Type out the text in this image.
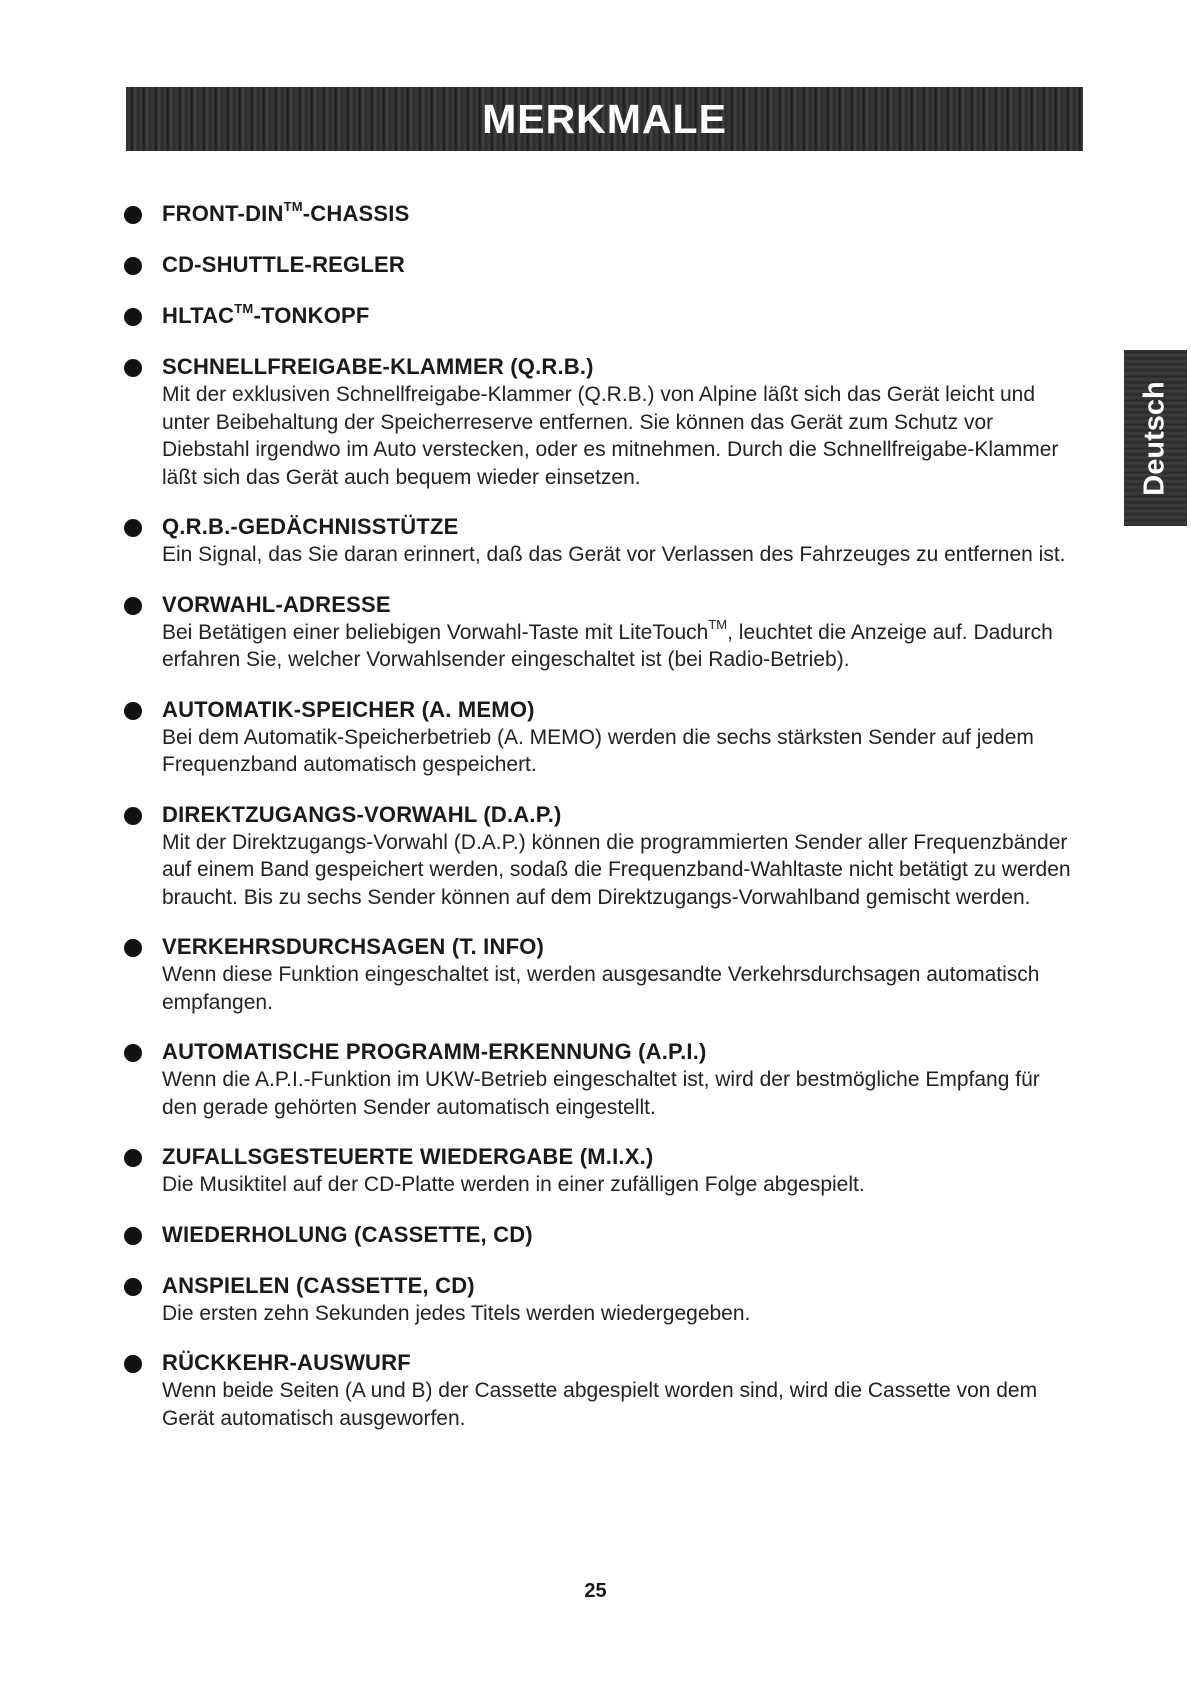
MERKMALE
Deutsch
FRONT-DIN™-CHASSIS
CD-SHUTTLE-REGLER
HLTAC™-TONKOPF
SCHNELLFREIGABE-KLAMMER (Q.R.B.)
Mit der exklusiven Schnellfreigabe-Klammer (Q.R.B.) von Alpine läßt sich das Gerät leicht und unter Beibehaltung der Speicherreserve entfernen. Sie können das Gerät zum Schutz vor Diebstahl irgendwo im Auto verstecken, oder es mitnehmen. Durch die Schnellfreigabe-Klammer läßt sich das Gerät auch bequem wieder einsetzen.
Q.R.B.-GEDÄCHNISSTÜTZE
Ein Signal, das Sie daran erinnert, daß das Gerät vor Verlassen des Fahrzeuges zu entfernen ist.
VORWAHL-ADRESSE
Bei Betätigen einer beliebigen Vorwahl-Taste mit LiteTouch™, leuchtet die Anzeige auf. Dadurch erfahren Sie, welcher Vorwahlsender eingeschaltet ist (bei Radio-Betrieb).
AUTOMATIK-SPEICHER (A. MEMO)
Bei dem Automatik-Speicherbetrieb (A. MEMO) werden die sechs stärksten Sender auf jedem Frequenzband automatisch gespeichert.
DIREKTZUGANGS-VORWAHL (D.A.P.)
Mit der Direktzugangs-Vorwahl (D.A.P.) können die programmierten Sender aller Frequenzbänder auf einem Band gespeichert werden, sodaß die Frequenzband-Wahltaste nicht betätigt zu werden braucht. Bis zu sechs Sender können auf dem Direktzugangs-Vorwahlband gemischt werden.
VERKEHRSDURCHSAGEN (T. INFO)
Wenn diese Funktion eingeschaltet ist, werden ausgesandte Verkehrsdurchsagen automatisch empfangen.
AUTOMATISCHE PROGRAMM-ERKENNUNG (A.P.I.)
Wenn die A.P.I.-Funktion im UKW-Betrieb eingeschaltet ist, wird der bestmögliche Empfang für den gerade gehörten Sender automatisch eingestellt.
ZUFALLSGESTEUERTE WIEDERGABE (M.I.X.)
Die Musiktitel auf der CD-Platte werden in einer zufälligen Folge abgespielt.
WIEDERHOLUNG (CASSETTE, CD)
ANSPIELEN (CASSETTE, CD)
Die ersten zehn Sekunden jedes Titels werden wiedergegeben.
RÜCKKEHR-AUSWURF
Wenn beide Seiten (A und B) der Cassette abgespielt worden sind, wird die Cassette von dem Gerät automatisch ausgeworfen.
25
